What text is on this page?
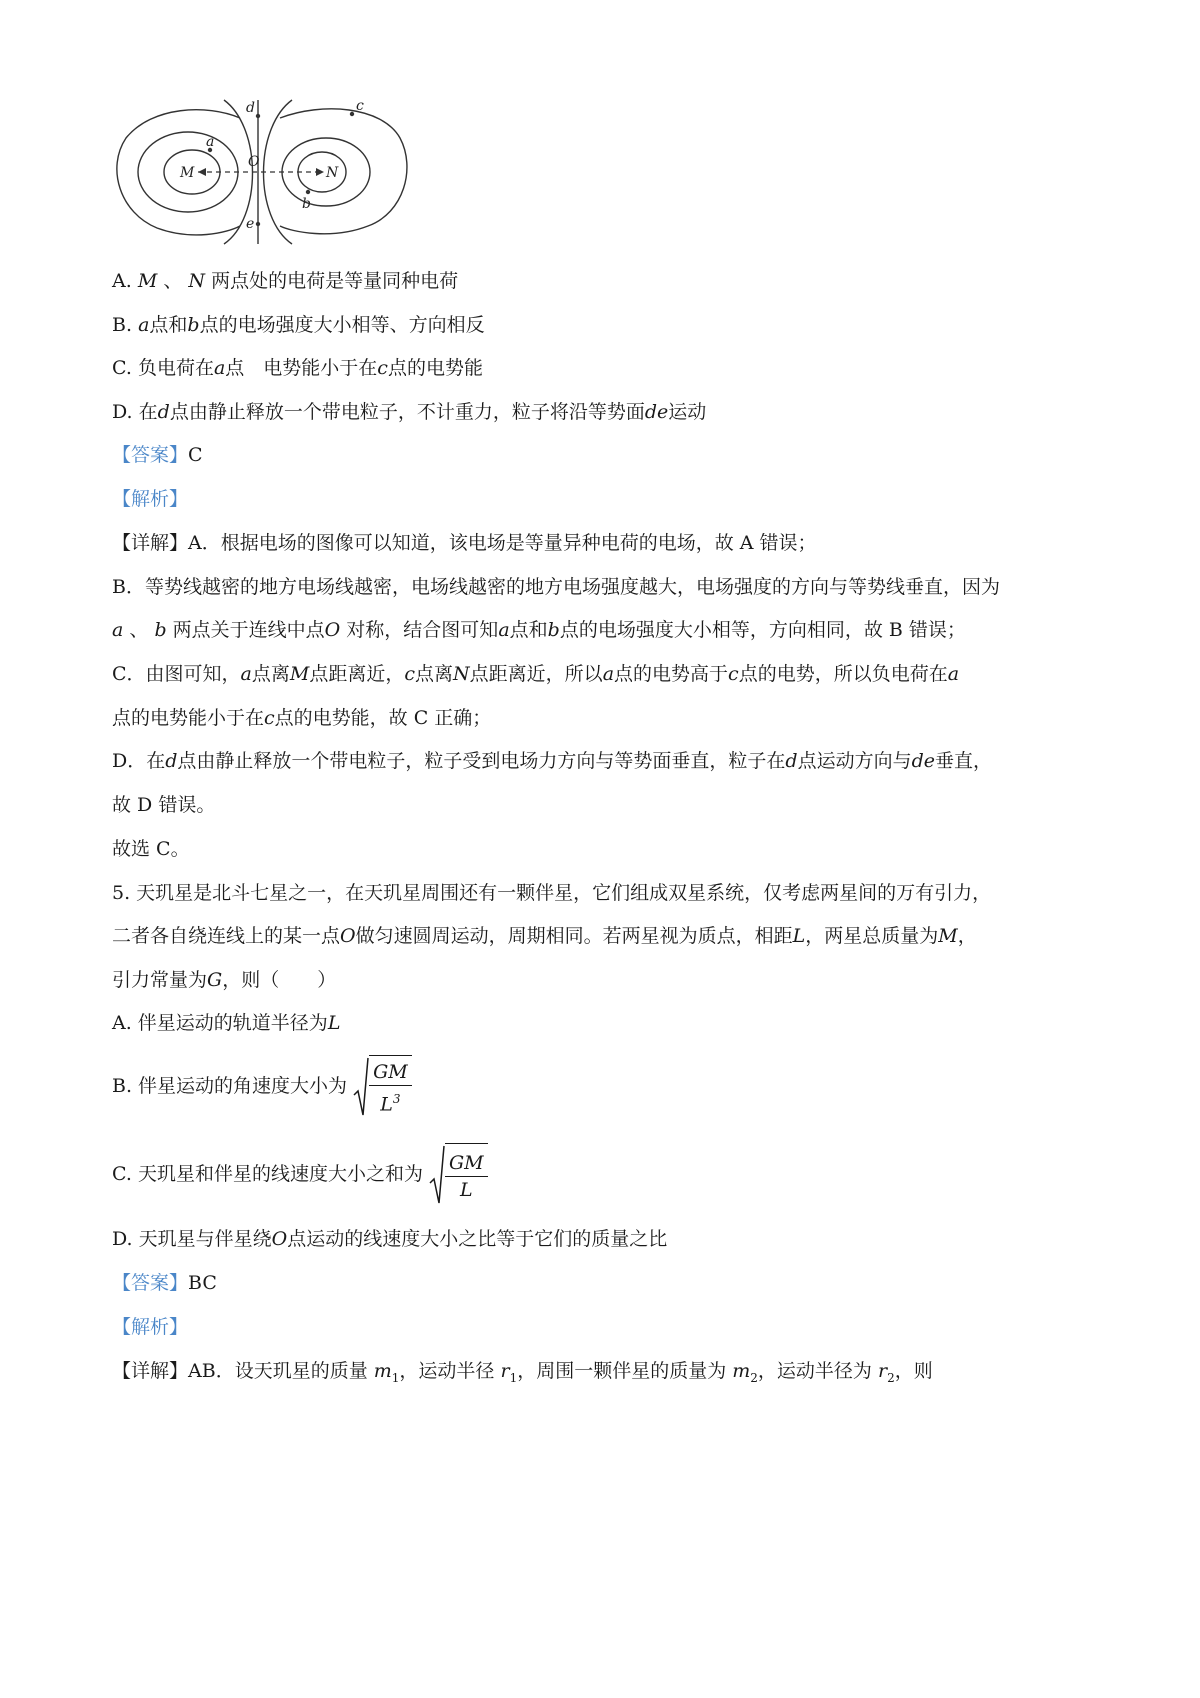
d	c
a
M
O
N
b
e
A. M 、 N 两点处的电荷是等量同种电荷
B. a点和b点的电场强度大小相等、方向相反
C. 负电荷在a点　电势能小于在c点的电势能
D. 在d点由静止释放一个带电粒子，不计重力，粒子将沿等势面de运动
【答案】C
【解析】
【详解】A．根据电场的图像可以知道，该电场是等量异种电荷的电场，故 A 错误；
B．等势线越密的地方电场线越密，电场线越密的地方电场强度越大，电场强度的方向与等势线垂直，因为
a 、 b 两点关于连线中点O 对称，结合图可知a点和b点的电场强度大小相等，方向相同，故 B 错误；
C．由图可知，a点离M点距离近，c点离N点距离近，所以a点的电势高于c点的电势，所以负电荷在a
点的电势能小于在c点的电势能，故 C 正确；
D．在d点由静止释放一个带电粒子，粒子受到电场力方向与等势面垂直，粒子在d点运动方向与de垂直，
故 D 错误。
故选 C。
5. 天玑星是北斗七星之一，在天玑星周围还有一颗伴星，它们组成双星系统，仅考虑两星间的万有引力，
二者各自绕连线上的某一点O做匀速圆周运动，周期相同。若两星视为质点，相距L，两星总质量为M，
引力常量为G，则（　　）
A. 伴星运动的轨道半径为L
B. 伴星运动的角速度大小为 $\frac{GM}{L^3}$
C. 天玑星和伴星的线速度大小之和为 $\frac{GM}{L}$
D. 天玑星与伴星绕O点运动的线速度大小之比等于它们的质量之比
【答案】BC
【解析】
【详解】AB．设天玑星的质量 $m_1$，运动半径 $r_1$，周围一颗伴星的质量为 $m_2$，运动半径为 $r_2$，则
